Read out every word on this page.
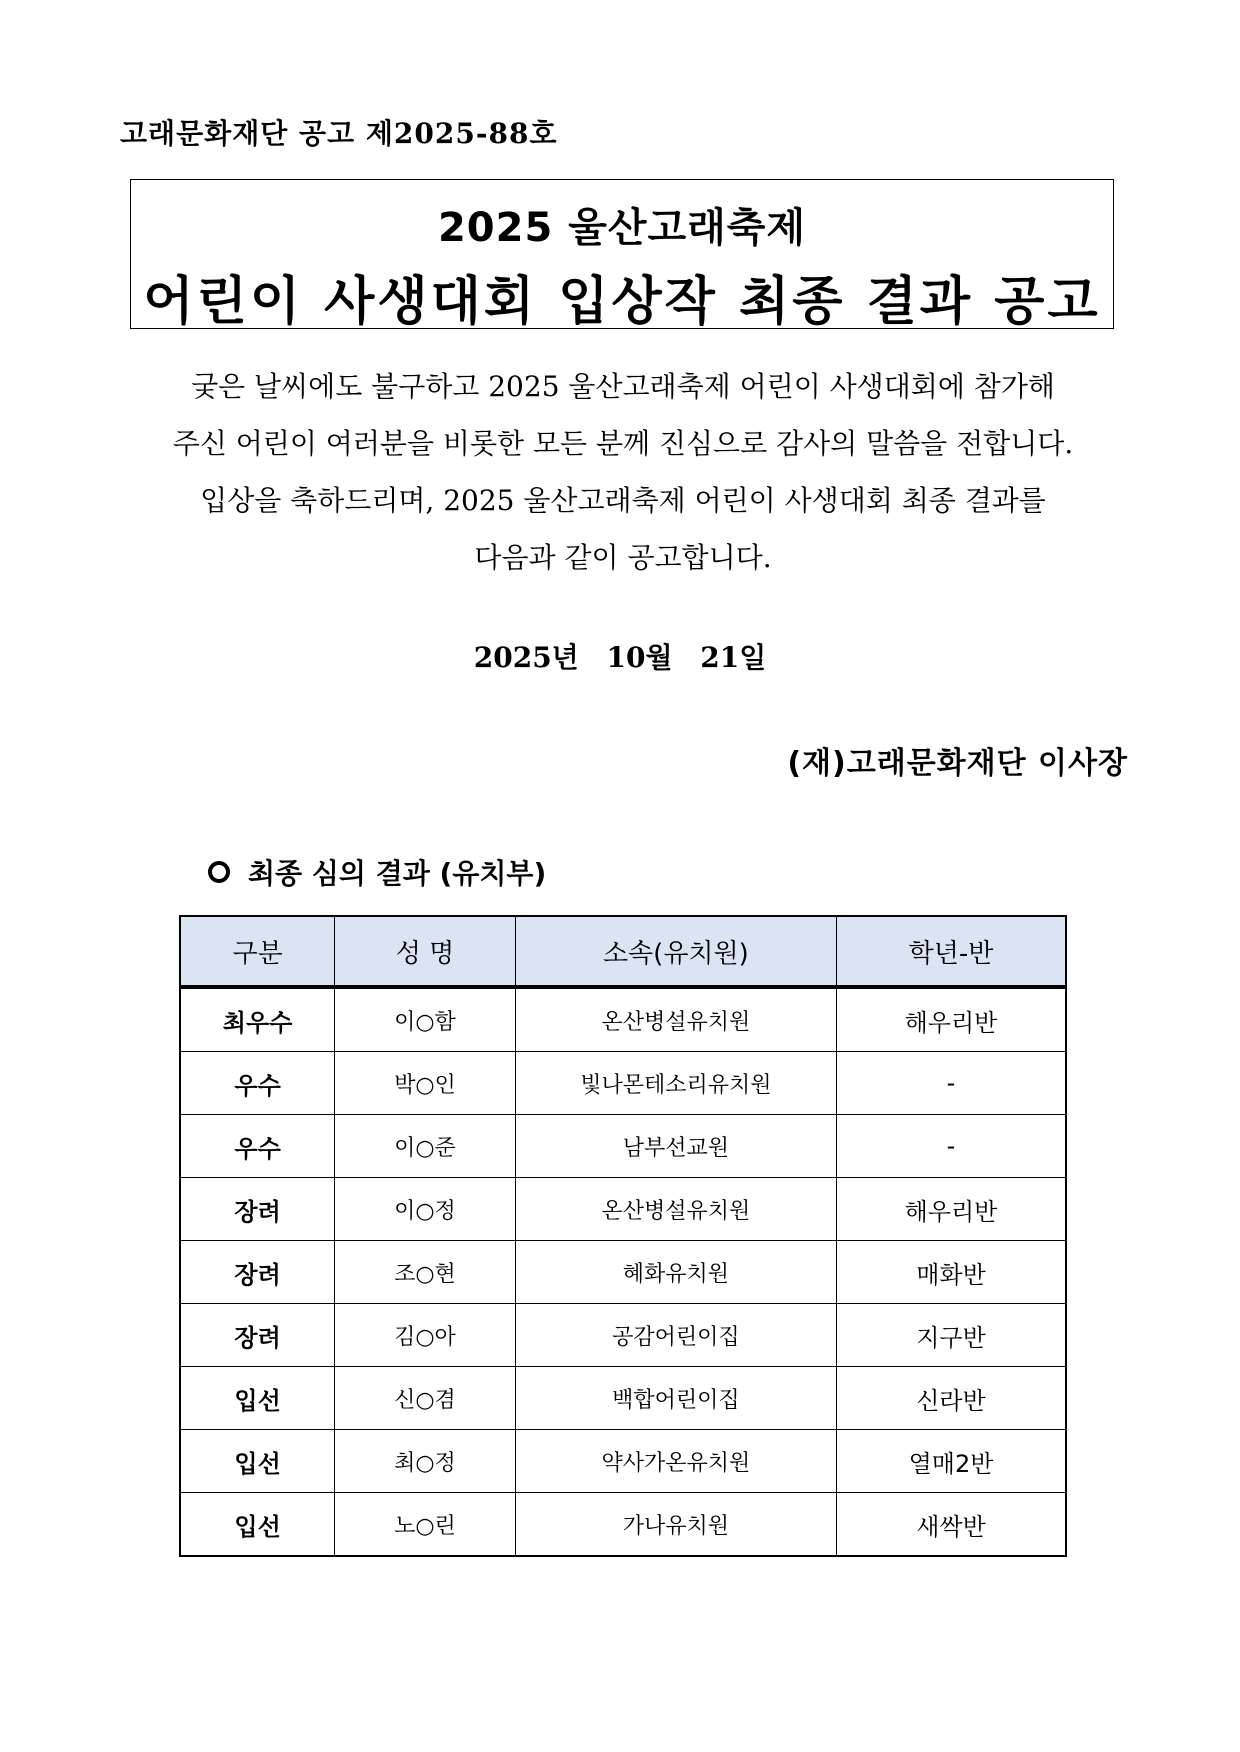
고래문화재단 공고 제2025-88호
2025 울산고래축제
어린이 사생대회 입상작 최종 결과 공고
궂은 날씨에도 불구하고 2025 울산고래축제 어린이 사생대회에 참가해
주신 어린이 여러분을 비롯한 모든 분께 진심으로 감사의 말씀을 전합니다.
입상을 축하드리며, 2025 울산고래축제 어린이 사생대회 최종 결과를
다음과 같이 공고합니다.
2025년 10월 21일
(재)고래문화재단 이사장
최종 심의 결과 (유치부)
구분	성 명	소속(유치원)	학년-반
최우수	이○함	온산병설유치원	해우리반
우수	박○인	빛나몬테소리유치원	-
우수	이○준	남부선교원	-
장려	이○정	온산병설유치원	해우리반
장려	조○현	혜화유치원	매화반
장려	김○아	공감어린이집	지구반
입선	신○겸	백합어린이집	신라반
입선	최○정	약사가온유치원	열매2반
입선	노○린	가나유치원	새싹반
